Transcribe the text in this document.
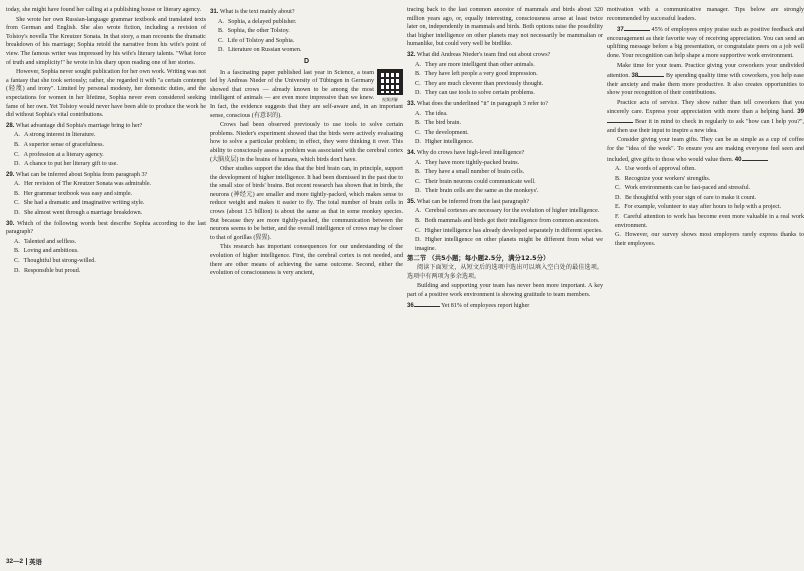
today, she might have found her calling at a publishing house or literary agency.

She wrote her own Russian-language grammar textbook and translated texts from German and English. She also wrote fiction, including a revision of Tolstoy's novella The Kreutzer Sonata. In that story, a man recounts the dramatic breakdown of his marriage; Sophia retold the narrative from his wife's point of view. The famous writer was impressed by his wife's literary talents. "What force of truth and simplicity!" he wrote in his diary upon reading one of her stories.

However, Sophia never sought publication for her own work. Writing was not a fantasy that she took seriously; rather, she regarded it with "a certain contempt (轻蔑) and irony". Limited by personal modesty, her domestic duties, and the expectations for women in her lifetime, Sophia never even considered seeking fame of her own. Yet Tolstoy would never have been able to produce the work he did without Sophia's vital contributions.

28. What advantage did Sophia's marriage bring to her?
A. A strong interest in literature.
B. A superior sense of gracefulness.
C. A profession at a literary agency.
D. A chance to put her literary gift to use.
29. What can be inferred about Sophia from paragraph 3?
A. Her revision of The Kreutzer Sonata was admirable.
B. Her grammar textbook was easy and simple.
C. She had a dramatic and imaginative writing style.
D. She almost went through a marriage breakdown.
30. Which of the following words best describe Sophia according to the last paragraph?
A. Talented and selfless.
B. Loving and ambitious.
C. Thoughtful but strong-willed.
D. Responsible but proud.
31. What is the text mainly about?
A. Sophia, a delayed publisher.
B. Sophia, the other Tolstoy.
C. Life of Tolstoy and Sophia.
D. Literature on Russian women.
D
视频讲解

In a fascinating paper published last year in Science, a team led by Andreas Nieder of the University of Tübingen in Germany showed that crows — already known to be among the most intelligent of animals — are even more impressive than we knew. In fact, the evidence suggests that they are self-aware and, in an important sense, conscious (有意识的).

Crows had been observed previously to use tools to solve certain problems. Nieder's experiment showed that the birds were actively evaluating how to solve a particular problem; in effect, they were thinking it over. This ability to consciously assess a problem was associated with the cerebral cortex (大脑皮层) in the brains of humans, which birds don't have.

Other studies support the idea that the bird brain can, in principle, support the development of higher intelligence. It had been dismissed in the past due to the small size of birds' brains. But recent research has shown that in birds, the neurons (神经元) are smaller and more tightly-packed, which makes sense to reduce weight and makes it easier to fly. The total number of brain cells in crows (about 1.5 billion) is about the same as that in some monkey species. But because they are more tightly-packed, the communication between the neurons seems to be better, and the overall intelligence of crows may be closer to that of gorillas (猩猩).

This research has important consequences for our understanding of the evolution of higher intelligence. First, the cerebral cortex is not needed, and there are other means of achieving the same outcome. Second, either the evolution of consciousness is very ancient,

tracing back to the last common ancestor of mammals and birds about 320 million years ago, or, equally interesting, consciousness arose at least twice later on, independently in mammals and birds. Both options raise the possibility that higher intelligence on other planets may not necessarily be mammalian or humanlike, but could very well be birdlike.

32. What did Andreas Nieder's team find out about crows?
A. They are more intelligent than other animals.
B. They have left people a very good impression.
C. They are much cleverer than previously thought.
D. They can use tools to solve certain problems.
33. What does the underlined "it" in paragraph 3 refer to?
A. The idea.
B. The bird brain.
C. The development.
D. Higher intelligence.
34. Why do crows have high-level intelligence?
A. They have more tightly-packed brains.
B. They have a small number of brain cells.
C. Their brain neurons could communicate well.
D. Their brain cells are the same as the monkeys'.
35. What can be inferred from the last paragraph?
A. Cerebral cortexes are necessary for the evolution of higher intelligence.
B. Both mammals and birds got their intelligence from common ancestors.
C. Higher intelligence has already developed separately in different species.
D. Higher intelligence on other planets might be different from what we imagine.

第二节 （共5小题；每小题2.5分，满分12.5分）

阅读下面短文，从短文后的选项中选出可以填入空白处的最佳选项。选项中有两项为多余选项。

Building and supporting your team has never been more important. A key part of a positive work environment is showing gratitude to team members.

36	Yet 81% of employees report higher

motivation with a communicative manager. Tips below are strongly recommended by successful leaders.

37	45% of employees enjoy praise such as positive feedback and encouragement as their favorite way of receiving appreciation. You can send an uplifting message before a big presentation, or congratulate peers on a job well done. Your recognition can help shape a more supportive work environment.

Make time for your team. Practice giving your coworkers your undivided attention. 38	By spending quality time with coworkers, you help ease their anxiety and make them more productive. It also creates opportunities to show your recognition of their contributions.

Practice acts of service. They show rather than tell coworkers that you sincerely care. Express your appreciation with more than a helping hand. 39 Bear it in mind to check in regularly to ask "how can I help you?", and then use their input to inspire a new idea.

Consider giving your team gifts. They can be as simple as a cup of coffee for the "idea of the week". To ensure you are making everyone feel seen and included, give gifts to those who would value them. 40

A. Use words of approval often.
B. Recognize your workers' strengths.
C. Work environments can be fast-paced and stressful.
D. Be thoughtful with your sign of care to make it count.
E. For example, volunteer to stay after hours to help with a project.
F. Careful attention to work has become even more valuable in a real work environment.
G. However, our survey shows most employers rarely express thanks to their employees.
32—2 英语
